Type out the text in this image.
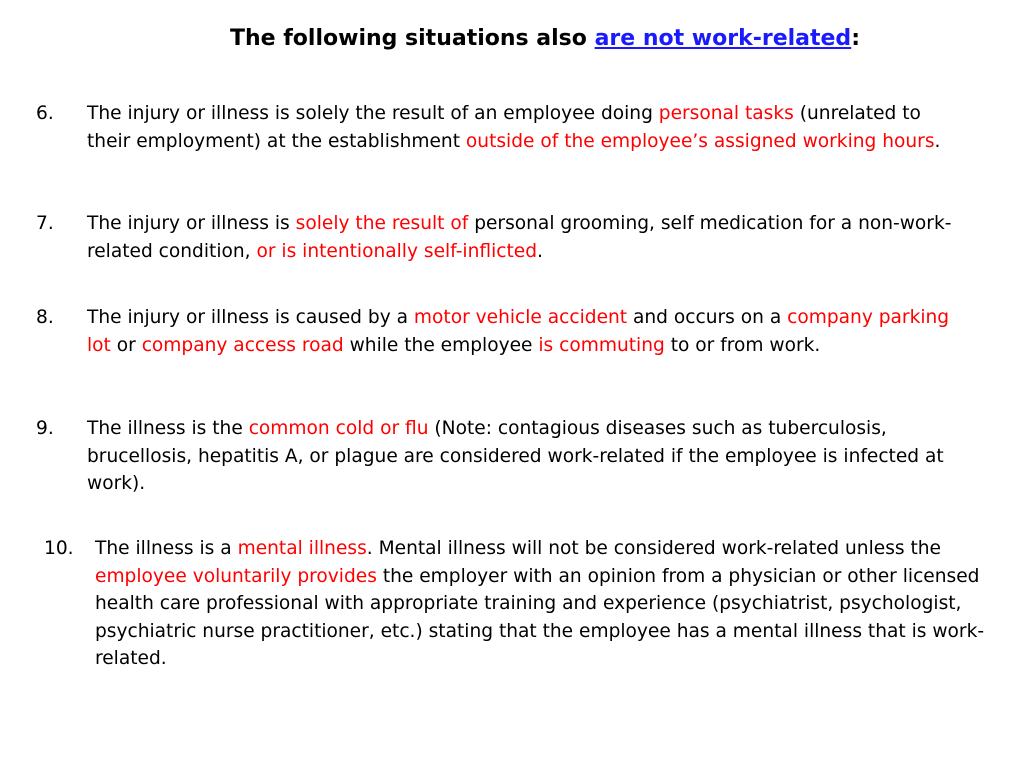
The following situations also are not work-related:
6. The injury or illness is solely the result of an employee doing personal tasks (unrelated to their employment) at the establishment outside of the employee’s assigned working hours.
7. The injury or illness is solely the result of personal grooming, self medication for a non-work-related condition, or is intentionally self-inflicted.
8. The injury or illness is caused by a motor vehicle accident and occurs on a company parking lot or company access road while the employee is commuting to or from work.
9. The illness is the common cold or flu (Note: contagious diseases such as tuberculosis, brucellosis, hepatitis A, or plague are considered work-related if the employee is infected at work).
10. The illness is a mental illness. Mental illness will not be considered work-related unless the employee voluntarily provides the employer with an opinion from a physician or other licensed health care professional with appropriate training and experience (psychiatrist, psychologist, psychiatric nurse practitioner, etc.) stating that the employee has a mental illness that is work-related.
